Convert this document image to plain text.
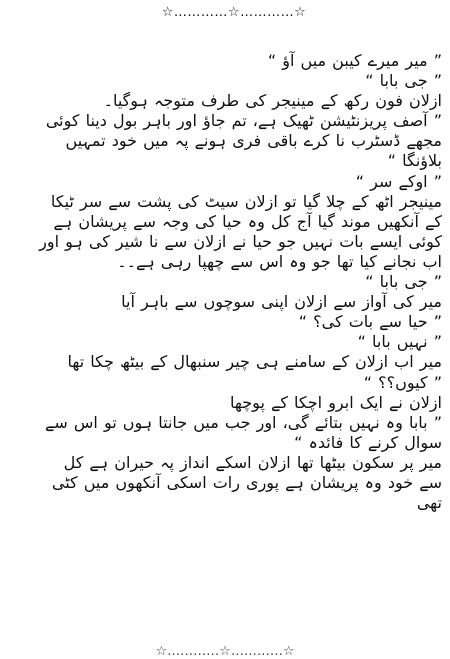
☆…………☆…………☆
” میر میرے کیبن میں آؤ “
” جی بابا “
ازلان فون رکھ کے مینیجر کی طرف متوجہ ہوگیا۔
” آصف پریزنٹیشن ٹھیک ہے، تم جاؤ اور باہر بول دینا کوئی
مجھے ڈسٹرب نا کرے باقی فری ہونے پہ میں خود تمہیں
بلاؤنگا “
” اوکے سر “
مینیجر اٹھ کے چلا گیا تو ازلان سیٹ کی پشت سے سر ٹیکا
کے آنکھیں موند گیا آج کل وہ حیا کی وجہ سے پریشان ہے
کوئی ایسے بات نہیں جو حیا نے ازلان سے نا شیر کی ہو اور
اب نجانے کیا تھا جو وہ اس سے چھپا رہی ہے۔۔
” جی بابا “
میر کی آواز سے ازلان اپنی سوچوں سے باہر آیا
” حیا سے بات کی؟ “
” نہیں بابا “
میر اب ازلان کے سامنے ہی چیر سنبھال کے بیٹھ چکا تھا
” کیوں؟؟ “
ازلان نے ایک ابرو اچکا کے پوچھا
” بابا وہ نہیں بتائے گی، اور جب میں جانتا ہوں تو اس سے
سوال کرنے کا فائدہ “
میر پر سکون بیٹھا تھا ازلان اسکے انداز پہ حیران ہے کل
سے خود وہ پریشان ہے پوری رات اسکی آنکھوں میں کٹی
تھی
☆…………☆…………☆
